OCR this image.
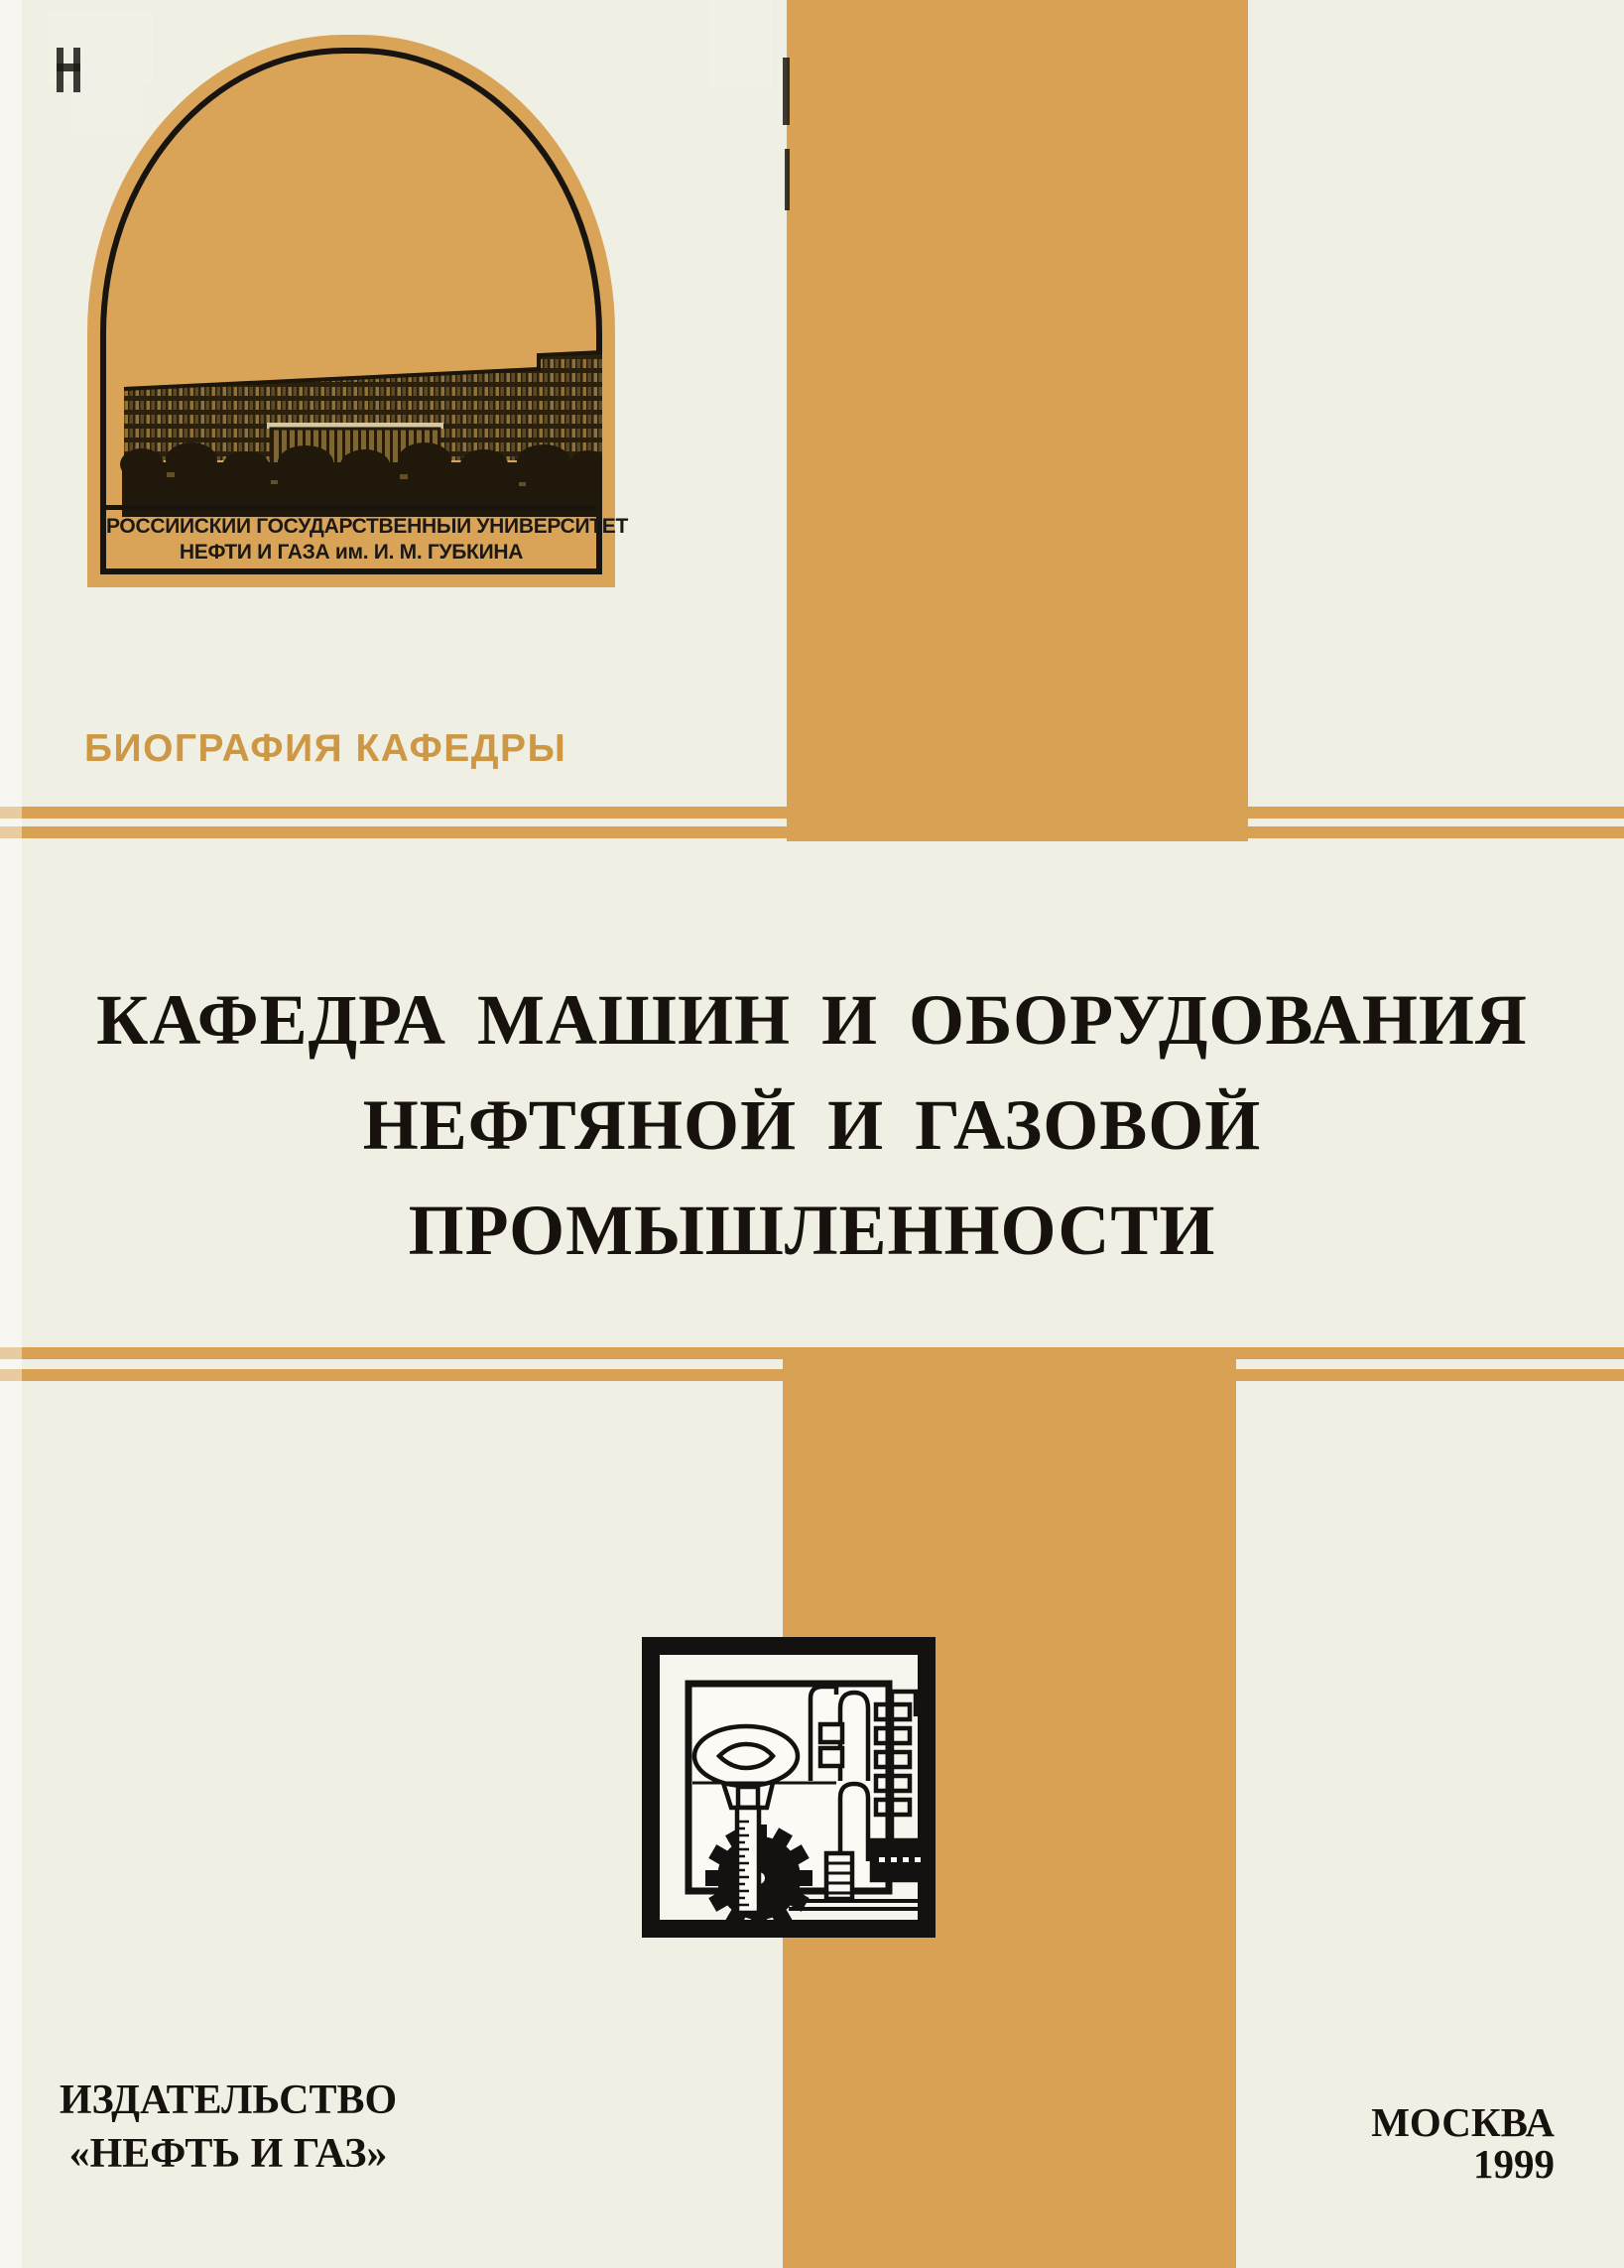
РОССИЙСКИЙ ГОСУДАРСТВЕННЫЙ УНИВЕРСИТЕТ
НЕФТИ И ГАЗА им. И. М. ГУБКИНА
БИОГРАФИЯ КАФЕДРЫ
КАФЕДРА МАШИН И ОБОРУДОВАНИЯ
НЕФТЯНОЙ И ГАЗОВОЙ
ПРОМЫШЛЕННОСТИ
ИЗДАТЕЛЬСТВО
«НЕФТЬ И ГАЗ»
МОСКВА
1999
